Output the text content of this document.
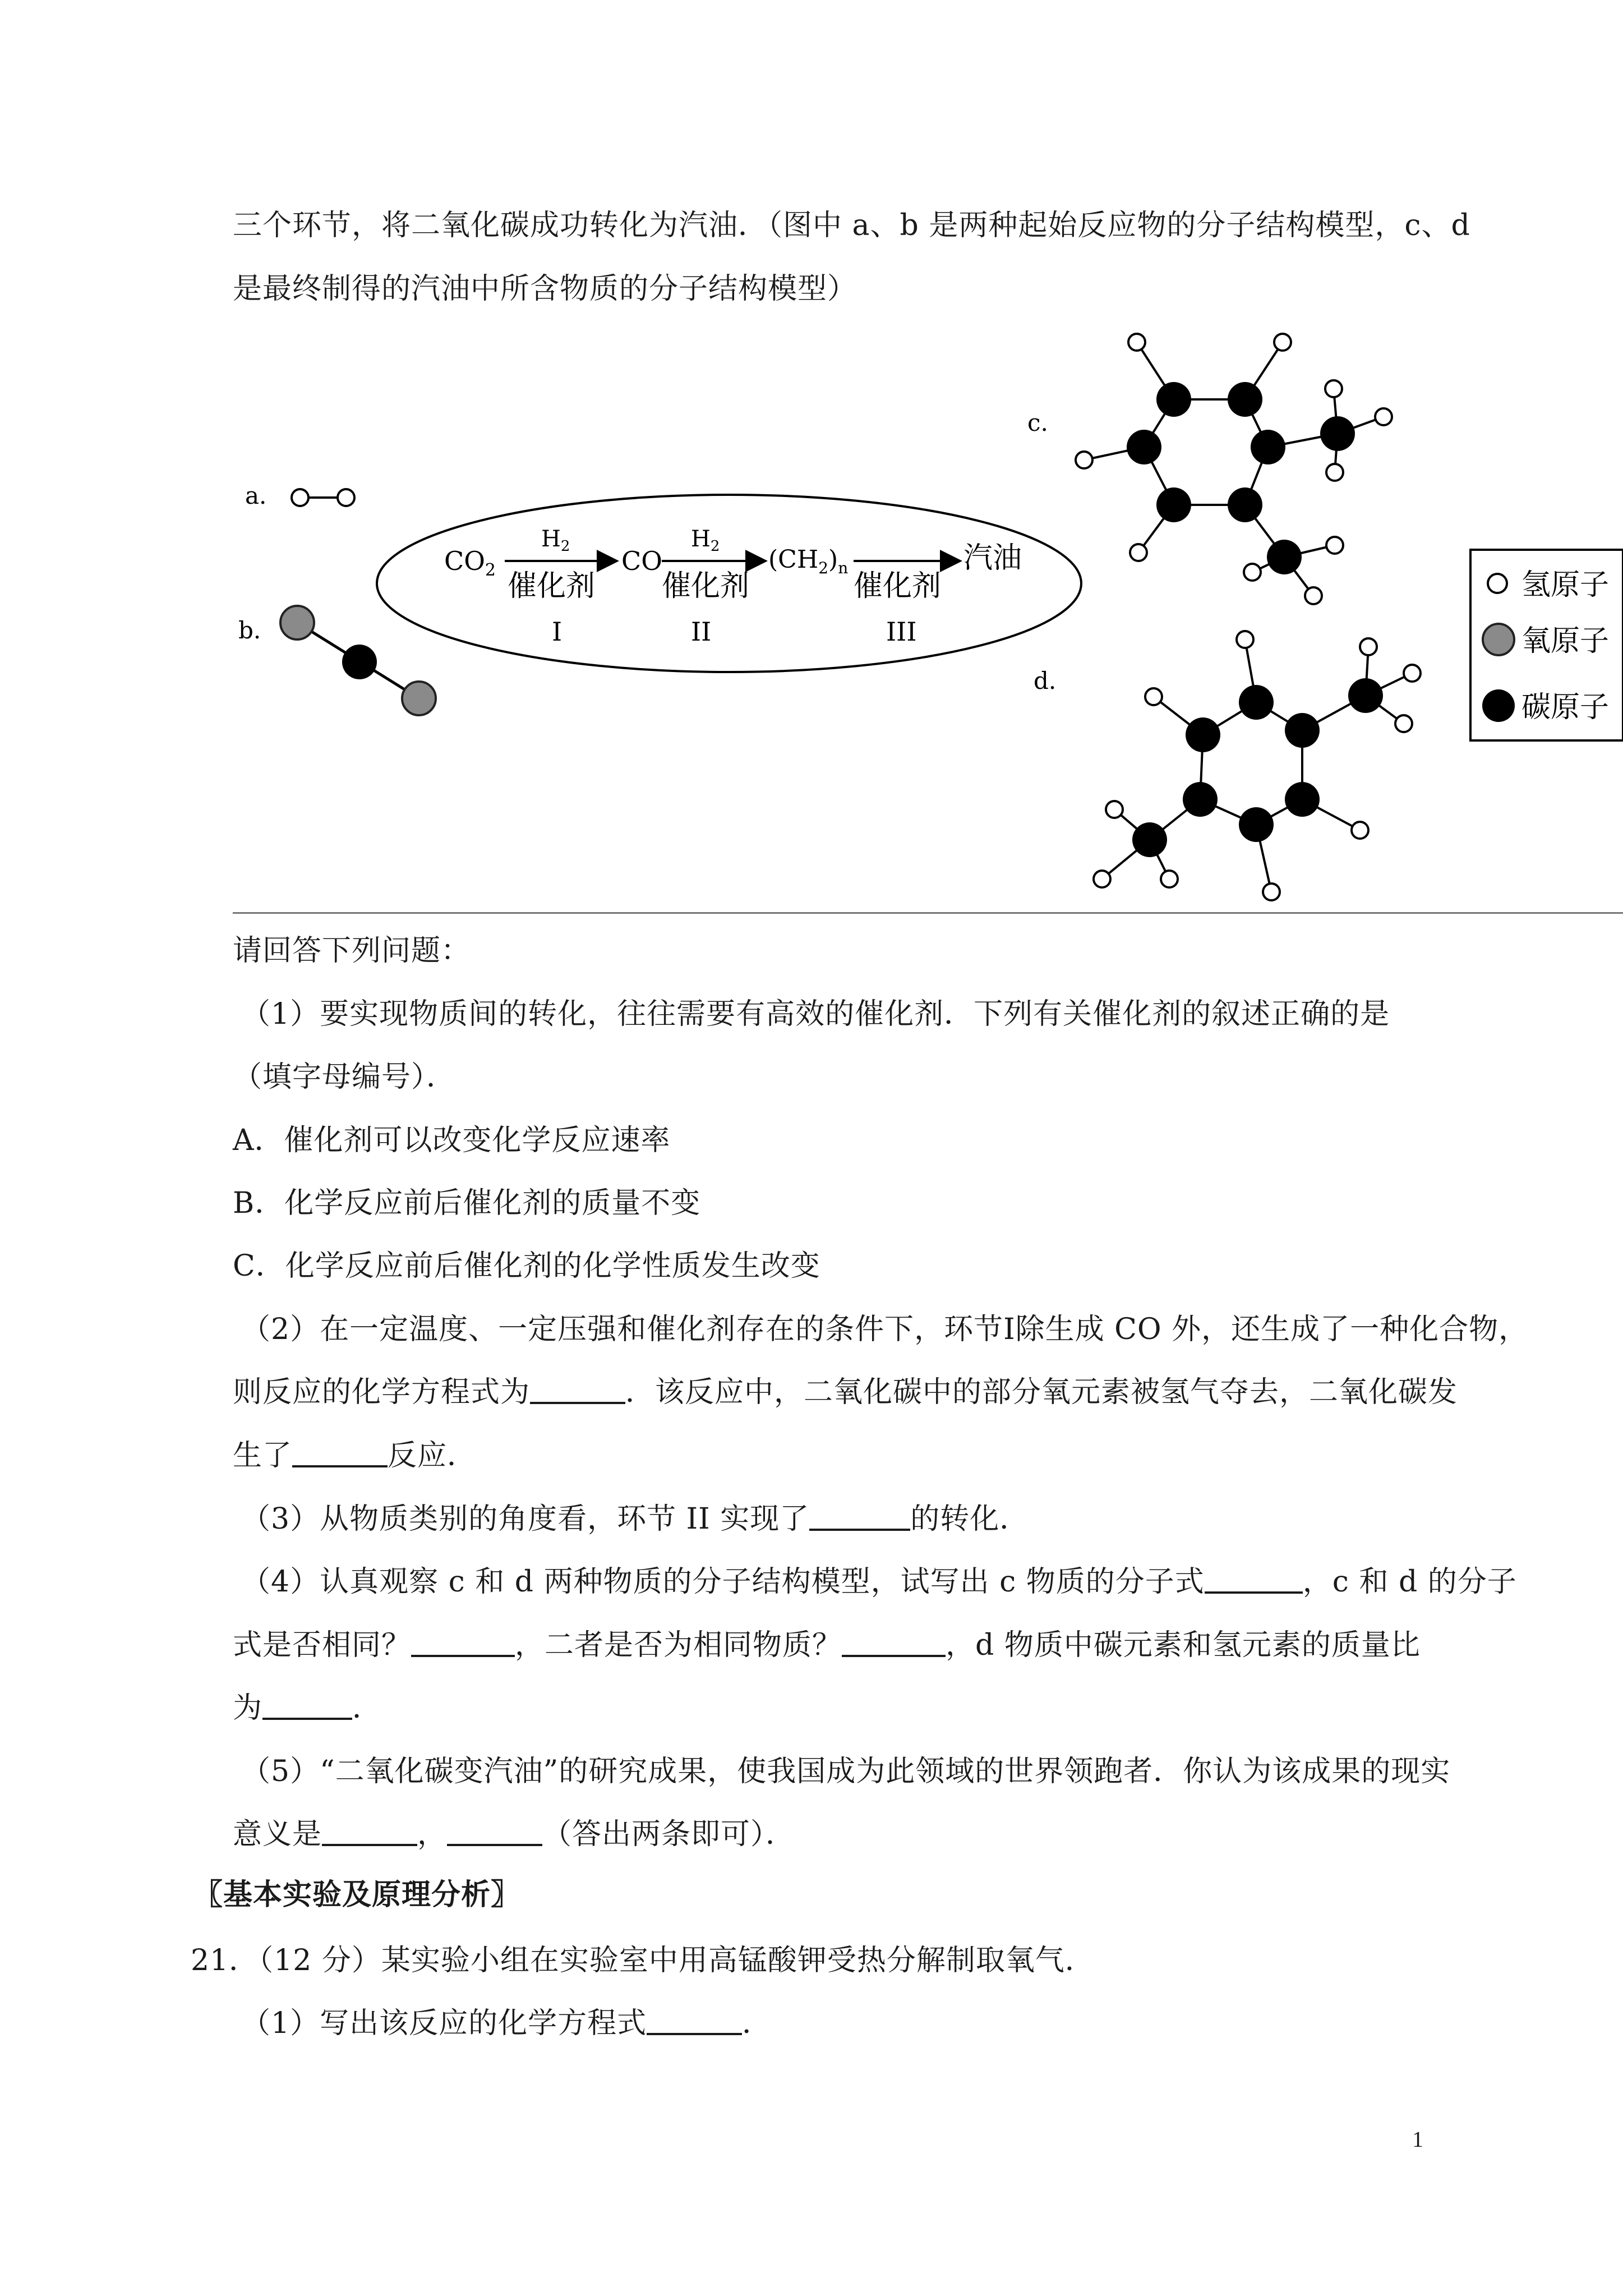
三个环节，将二氧化碳成功转化为汽油．（图中 a、b 是两种起始反应物的分子结构模型，c、d
是最终制得的汽油中所含物质的分子结构模型）
a.
b.
$CO_2$
$H_2$
催化剂
I
CO
$H_2$
催化剂
II
$(CH_2)_n$
催化剂
III
汽油
c.
d.
氢原子
氧原子
碳原子
请回答下列问题：
（1）要实现物质间的转化，往往需要有高效的催化剂．下列有关催化剂的叙述正确的是
（填字母编号）．
A．催化剂可以改变化学反应速率
B．化学反应前后催化剂的质量不变
C．化学反应前后催化剂的化学性质发生改变
（2）在一定温度、一定压强和催化剂存在的条件下，环节Ⅰ除生成 CO 外，还生成了一种化合物，
则反应的化学方程式为	．该反应中，二氧化碳中的部分氧元素被氢气夺去，二氧化碳发
生了	反应．
（3）从物质类别的角度看，环节 II 实现了	的转化．
（4）认真观察 c 和 d 两种物质的分子结构模型，试写出 c 物质的分子式	，c 和 d 的分子
式是否相同？	，二者是否为相同物质？	，d 物质中碳元素和氢元素的质量比
为	．
（5）“二氧化碳变汽油”的研究成果，使我国成为此领域的世界领跑者．你认为该成果的现实
意义是	，	（答出两条即可）．
〖基本实验及原理分析〗
21．（12 分）某实验小组在实验室中用高锰酸钾受热分解制取氧气．
（1）写出该反应的化学方程式	．
1
